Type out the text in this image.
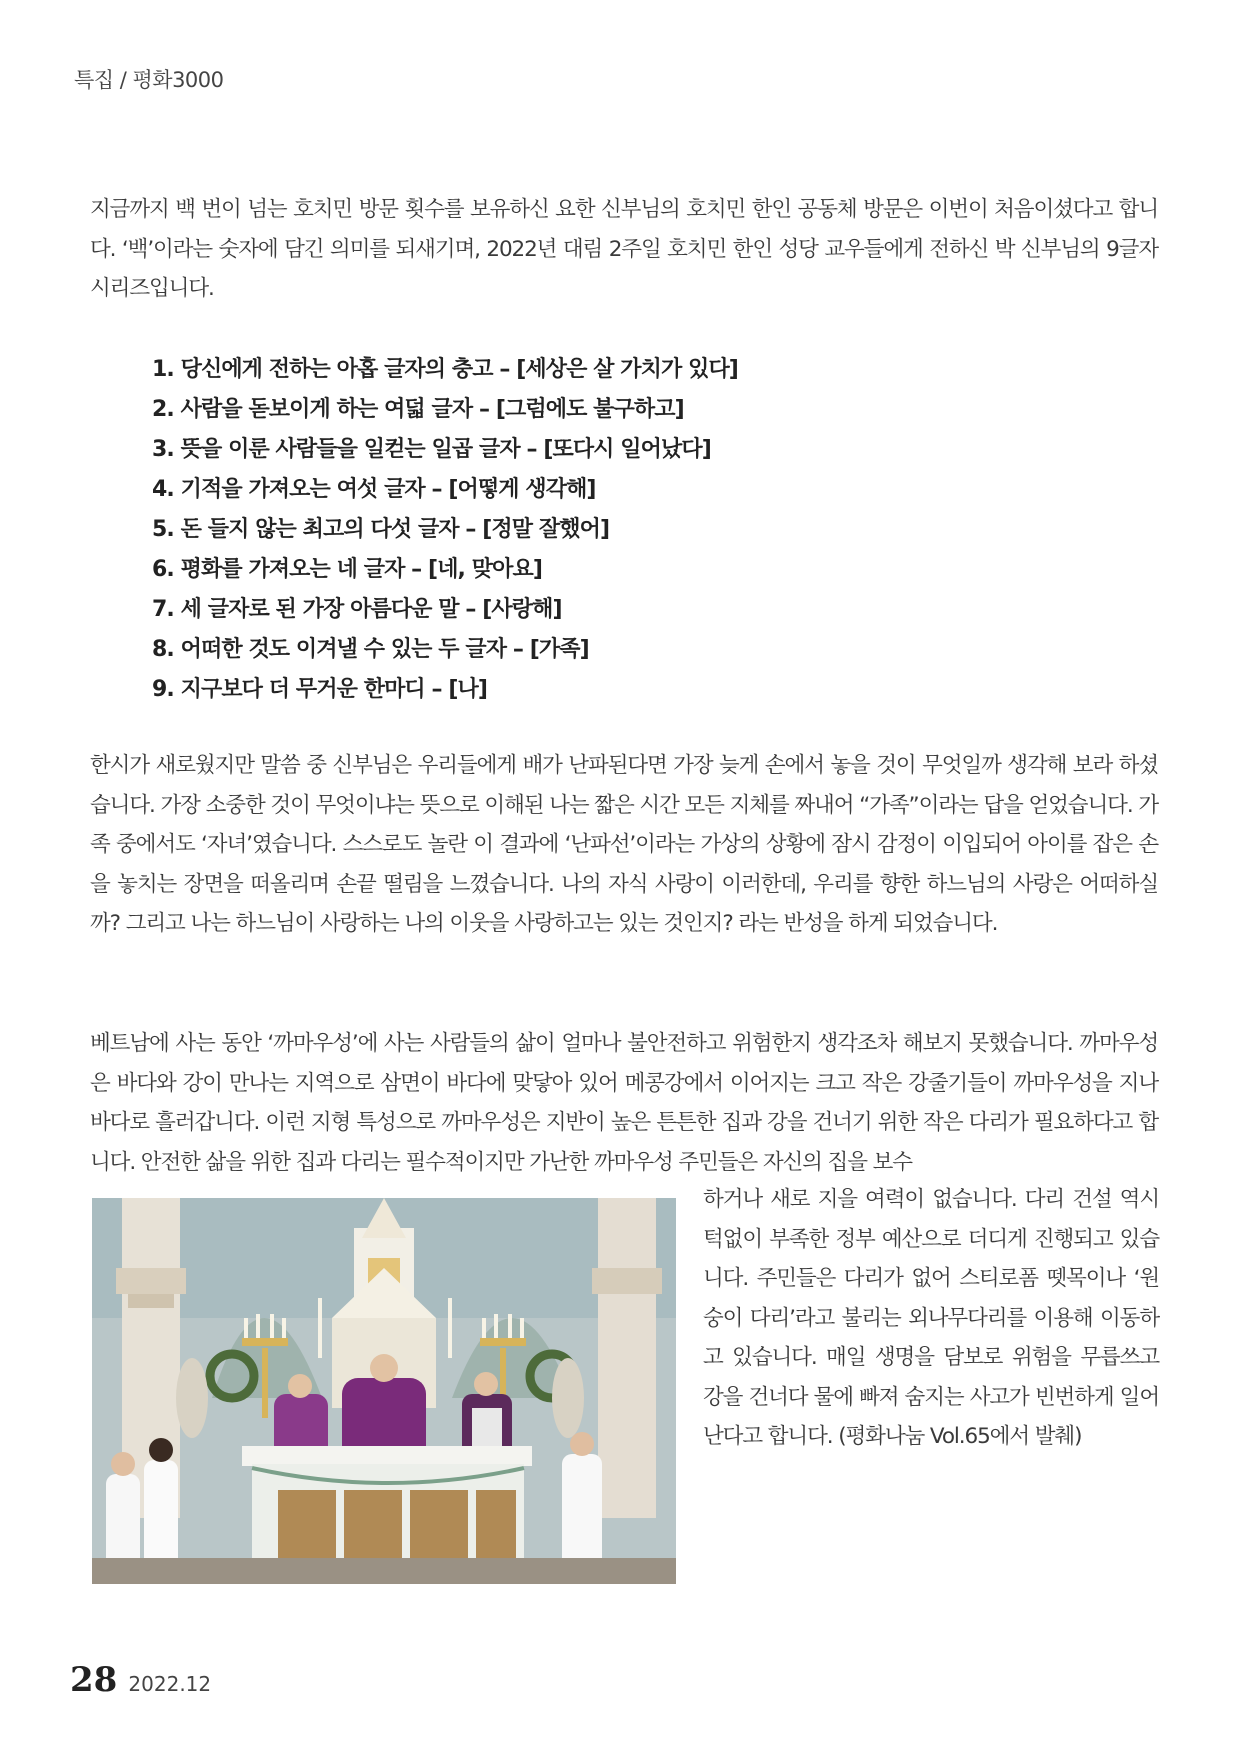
특집 / 평화3000

지금까지 백 번이 넘는 호치민 방문 횟수를 보유하신 요한 신부님의 호치민 한인 공동체 방문은 이번이 처음이셨다고 합니다. ‘백’이라는 숫자에 담긴 의미를 되새기며, 2022년 대림 2주일 호치민 한인 성당 교우들에게 전하신 박 신부님의 9글자 시리즈입니다.

1. 당신에게 전하는 아홉 글자의 충고 – [세상은 살 가치가 있다]
2. 사람을 돋보이게 하는 여덟 글자 – [그럼에도 불구하고]
3. 뜻을 이룬 사람들을 일컫는 일곱 글자 – [또다시 일어났다]
4. 기적을 가져오는 여섯 글자 – [어떻게 생각해]
5. 돈 들지 않는 최고의 다섯 글자 – [정말 잘했어]
6. 평화를 가져오는 네 글자 – [네, 맞아요]
7. 세 글자로 된 가장 아름다운 말 – [사랑해]
8. 어떠한 것도 이겨낼 수 있는 두 글자 – [가족]
9. 지구보다 더 무거운 한마디 – [나]

한시가 새로웠지만 말씀 중 신부님은 우리들에게 배가 난파된다면 가장 늦게 손에서 놓을 것이 무엇일까 생각해 보라 하셨습니다. 가장 소중한 것이 무엇이냐는 뜻으로 이해된 나는 짧은 시간 모든 지체를 짜내어 “가족”이라는 답을 얻었습니다. 가족 중에서도 ‘자녀’였습니다. 스스로도 놀란 이 결과에 ‘난파선’이라는 가상의 상황에 잠시 감정이 이입되어 아이를 잡은 손을 놓치는 장면을 떠올리며 손끝 떨림을 느꼈습니다. 나의 자식 사랑이 이러한데, 우리를 향한 하느님의 사랑은 어떠하실까? 그리고 나는 하느님이 사랑하는 나의 이웃을 사랑하고는 있는 것인지? 라는 반성을 하게 되었습니다.

베트남에 사는 동안 ‘까마우성’에 사는 사람들의 삶이 얼마나 불안전하고 위험한지 생각조차 해보지 못했습니다. 까마우성은 바다와 강이 만나는 지역으로 삼면이 바다에 맞닿아 있어 메콩강에서 이어지는 크고 작은 강줄기들이 까마우성을 지나 바다로 흘러갑니다. 이런 지형 특성으로 까마우성은 지반이 높은 튼튼한 집과 강을 건너기 위한 작은 다리가 필요하다고 합니다. 안전한 삶을 위한 집과 다리는 필수적이지만 가난한 까마우성 주민들은 자신의 집을 보수

하거나 새로 지을 여력이 없습니다. 다리 건설 역시 턱없이 부족한 정부 예산으로 더디게 진행되고 있습니다. 주민들은 다리가 없어 스티로폼 뗏목이나 ‘원숭이 다리’라고 불리는 외나무다리를 이용해 이동하고 있습니다. 매일 생명을 담보로 위험을 무릅쓰고 강을 건너다 물에 빠져 숨지는 사고가 빈번하게 일어난다고 합니다. (평화나눔 Vol.65에서 발췌)

28 2022.12
